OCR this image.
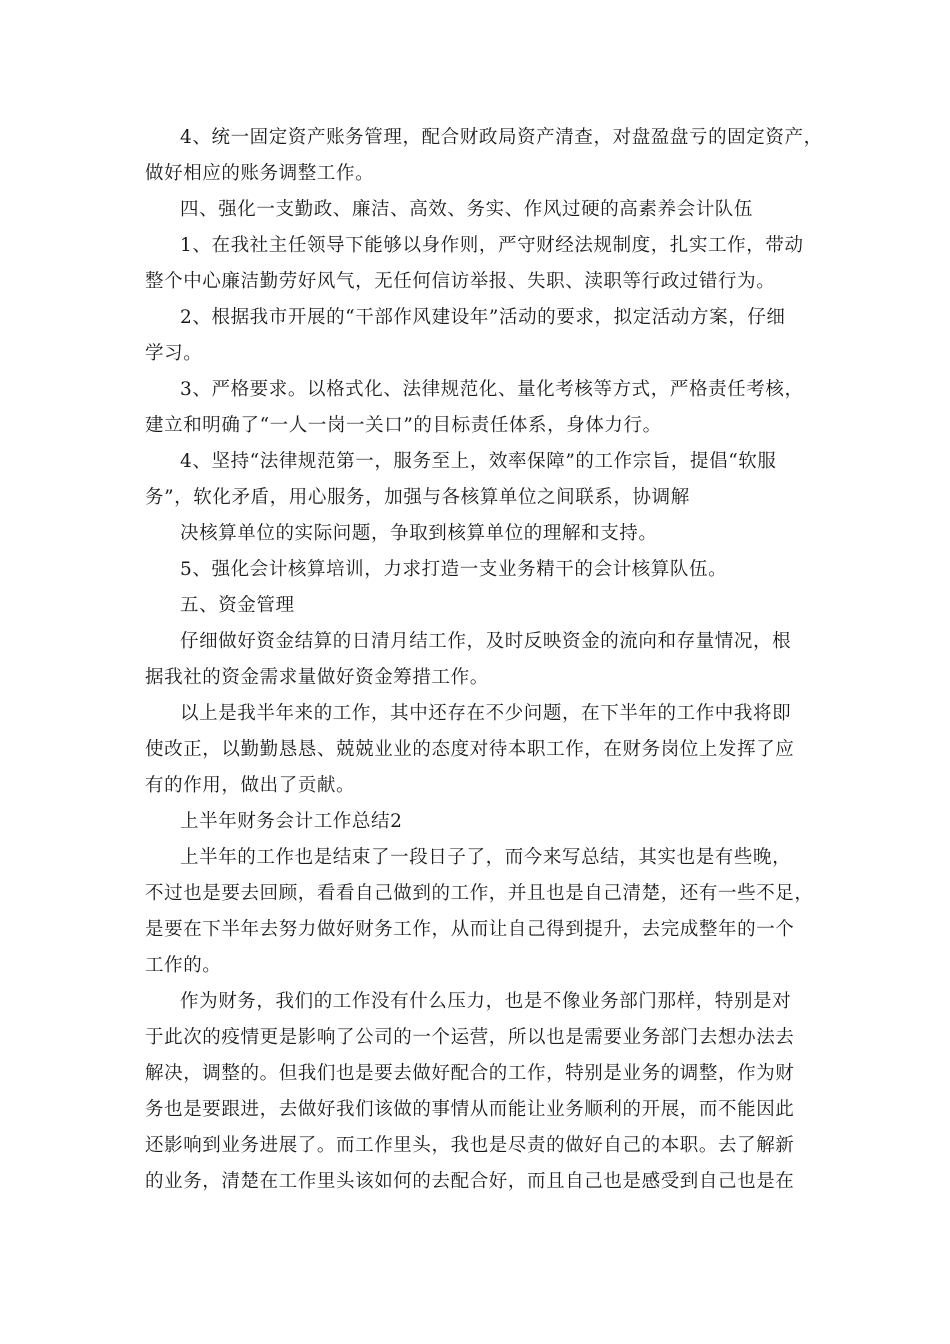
4、统一固定资产账务管理，配合财政局资产清查，对盘盈盘亏的固定资产，

做好相应的账务调整工作。

四、强化一支勤政、廉洁、高效、务实、作风过硬的高素养会计队伍

1、在我社主任领导下能够以身作则，严守财经法规制度，扎实工作，带动

整个中心廉洁勤劳好风气，无任何信访举报、失职、渎职等行政过错行为。

2、根据我市开展的“干部作风建设年”活动的要求，拟定活动方案，仔细

学习。

3、严格要求。以格式化、法律规范化、量化考核等方式，严格责任考核，

建立和明确了“一人一岗一关口”的目标责任体系，身体力行。

4、坚持“法律规范第一，服务至上，效率保障”的工作宗旨，提倡“软服

务”，软化矛盾，用心服务，加强与各核算单位之间联系，协调解

决核算单位的实际问题，争取到核算单位的理解和支持。

5、强化会计核算培训，力求打造一支业务精干的会计核算队伍。

五、资金管理

仔细做好资金结算的日清月结工作，及时反映资金的流向和存量情况，根

据我社的资金需求量做好资金筹措工作。

以上是我半年来的工作，其中还存在不少问题，在下半年的工作中我将即

使改正，以勤勤恳恳、兢兢业业的态度对待本职工作，在财务岗位上发挥了应

有的作用，做出了贡献。

上半年财务会计工作总结2

上半年的工作也是结束了一段日子了，而今来写总结，其实也是有些晚，

不过也是要去回顾，看看自己做到的工作，并且也是自己清楚，还有一些不足，

是要在下半年去努力做好财务工作，从而让自己得到提升，去完成整年的一个

工作的。

作为财务，我们的工作没有什么压力，也是不像业务部门那样，特别是对

于此次的疫情更是影响了公司的一个运营，所以也是需要业务部门去想办法去

解决，调整的。但我们也是要去做好配合的工作，特别是业务的调整，作为财

务也是要跟进，去做好我们该做的事情从而能让业务顺利的开展，而不能因此

还影响到业务进展了。而工作里头，我也是尽责的做好自己的本职。去了解新

的业务，清楚在工作里头该如何的去配合好，而且自己也是感受到自己也是在
